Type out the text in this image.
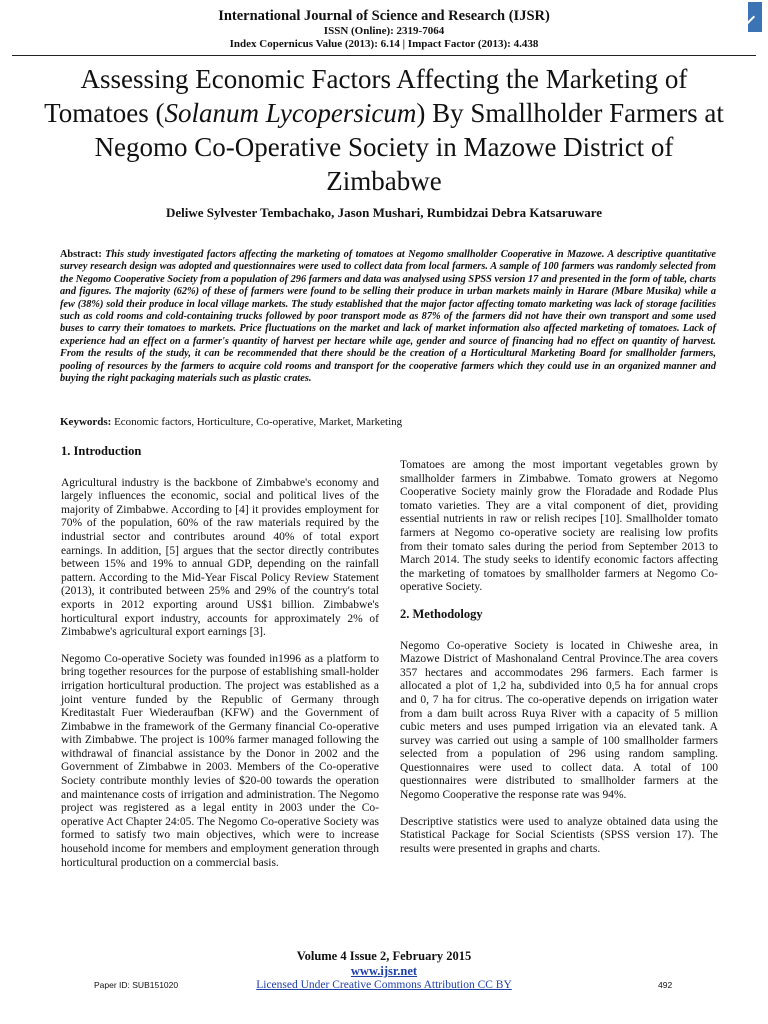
International Journal of Science and Research (IJSR)
ISSN (Online): 2319-7064
Index Copernicus Value (2013): 6.14 | Impact Factor (2013): 4.438
Assessing Economic Factors Affecting the Marketing of Tomatoes (Solanum Lycopersicum) By Smallholder Farmers at Negomo Co-Operative Society in Mazowe District of Zimbabwe
Deliwe Sylvester Tembachako, Jason Mushari, Rumbidzai Debra Katsaruware
Abstract: This study investigated factors affecting the marketing of tomatoes at Negomo smallholder Cooperative in Mazowe. A descriptive quantitative survey research design was adopted and questionnaires were used to collect data from local farmers. A sample of 100 farmers was randomly selected from the Negomo Cooperative Society from a population of 296 farmers and data was analysed using SPSS version 17 and presented in the form of table, charts and figures. The majority (62%) of these of farmers were found to be selling their produce in urban markets mainly in Harare (Mbare Musika) while a few (38%) sold their produce in local village markets. The study established that the major factor affecting tomato marketing was lack of storage facilities such as cold rooms and cold-containing trucks followed by poor transport mode as 87% of the farmers did not have their own transport and some used buses to carry their tomatoes to markets. Price fluctuations on the market and lack of market information also affected marketing of tomatoes. Lack of experience had an effect on a farmer's quantity of harvest per hectare while age, gender and source of financing had no effect on quantity of harvest. From the results of the study, it can be recommended that there should be the creation of a Horticultural Marketing Board for smallholder farmers, pooling of resources by the farmers to acquire cold rooms and transport for the cooperative farmers which they could use in an organized manner and buying the right packaging materials such as plastic crates.
Keywords: Economic factors, Horticulture, Co-operative, Market, Marketing
1. Introduction

Agricultural industry is the backbone of Zimbabwe's economy and largely influences the economic, social and political lives of the majority of Zimbabwe. According to [4] it provides employment for 70% of the population, 60% of the raw materials required by the industrial sector and contributes around 40% of total export earnings. In addition, [5] argues that the sector directly contributes between 15% and 19% to annual GDP, depending on the rainfall pattern. According to the Mid-Year Fiscal Policy Review Statement (2013), it contributed between 25% and 29% of the country's total exports in 2012 exporting around US$1 billion. Zimbabwe's horticultural export industry, accounts for approximately 2% of Zimbabwe's agricultural export earnings [3].

Negomo Co-operative Society was founded in1996 as a platform to bring together resources for the purpose of establishing small-holder irrigation horticultural production. The project was established as a joint venture funded by the Republic of Germany through Kreditastalt Fuer Wiederaufban (KFW) and the Government of Zimbabwe in the framework of the Germany financial Co-operative with Zimbabwe. The project is 100% farmer managed following the withdrawal of financial assistance by the Donor in 2002 and the Government of Zimbabwe in 2003. Members of the Co-operative Society contribute monthly levies of $20-00 towards the operation and maintenance costs of irrigation and administration. The Negomo project was registered as a legal entity in 2003 under the Co-operative Act Chapter 24:05. The Negomo Co-operative Society was formed to satisfy two main objectives, which were to increase household income for members and employment generation through horticultural production on a commercial basis.

Tomatoes are among the most important vegetables grown by smallholder farmers in Zimbabwe. Tomato growers at Negomo Cooperative Society mainly grow the Floradade and Rodade Plus tomato varieties. They are a vital component of diet, providing essential nutrients in raw or relish recipes [10]. Smallholder tomato farmers at Negomo co-operative society are realising low profits from their tomato sales during the period from September 2013 to March 2014. The study seeks to identify economic factors affecting the marketing of tomatoes by smallholder farmers at Negomo Co-operative Society.

2. Methodology

Negomo Co-operative Society is located in Chiweshe area, in Mazowe District of Mashonaland Central Province.The area covers 357 hectares and accommodates 296 farmers. Each farmer is allocated a plot of 1,2 ha, subdivided into 0,5 ha for annual crops and 0, 7 ha for citrus. The co-operative depends on irrigation water from a dam built across Ruya River with a capacity of 5 million cubic meters and uses pumped irrigation via an elevated tank. A survey was carried out using a sample of 100 smallholder farmers selected from a population of 296 using random sampling. Questionnaires were used to collect data. A total of 100 questionnaires were distributed to smallholder farmers at the Negomo Cooperative the response rate was 94%.

Descriptive statistics were used to analyze obtained data using the Statistical Package for Social Scientists (SPSS version 17). The results were presented in graphs and charts.

Volume 4 Issue 2, February 2015
www.ijsr.net
Licensed Under Creative Commons Attribution CC BY
Paper ID: SUB151020	492
